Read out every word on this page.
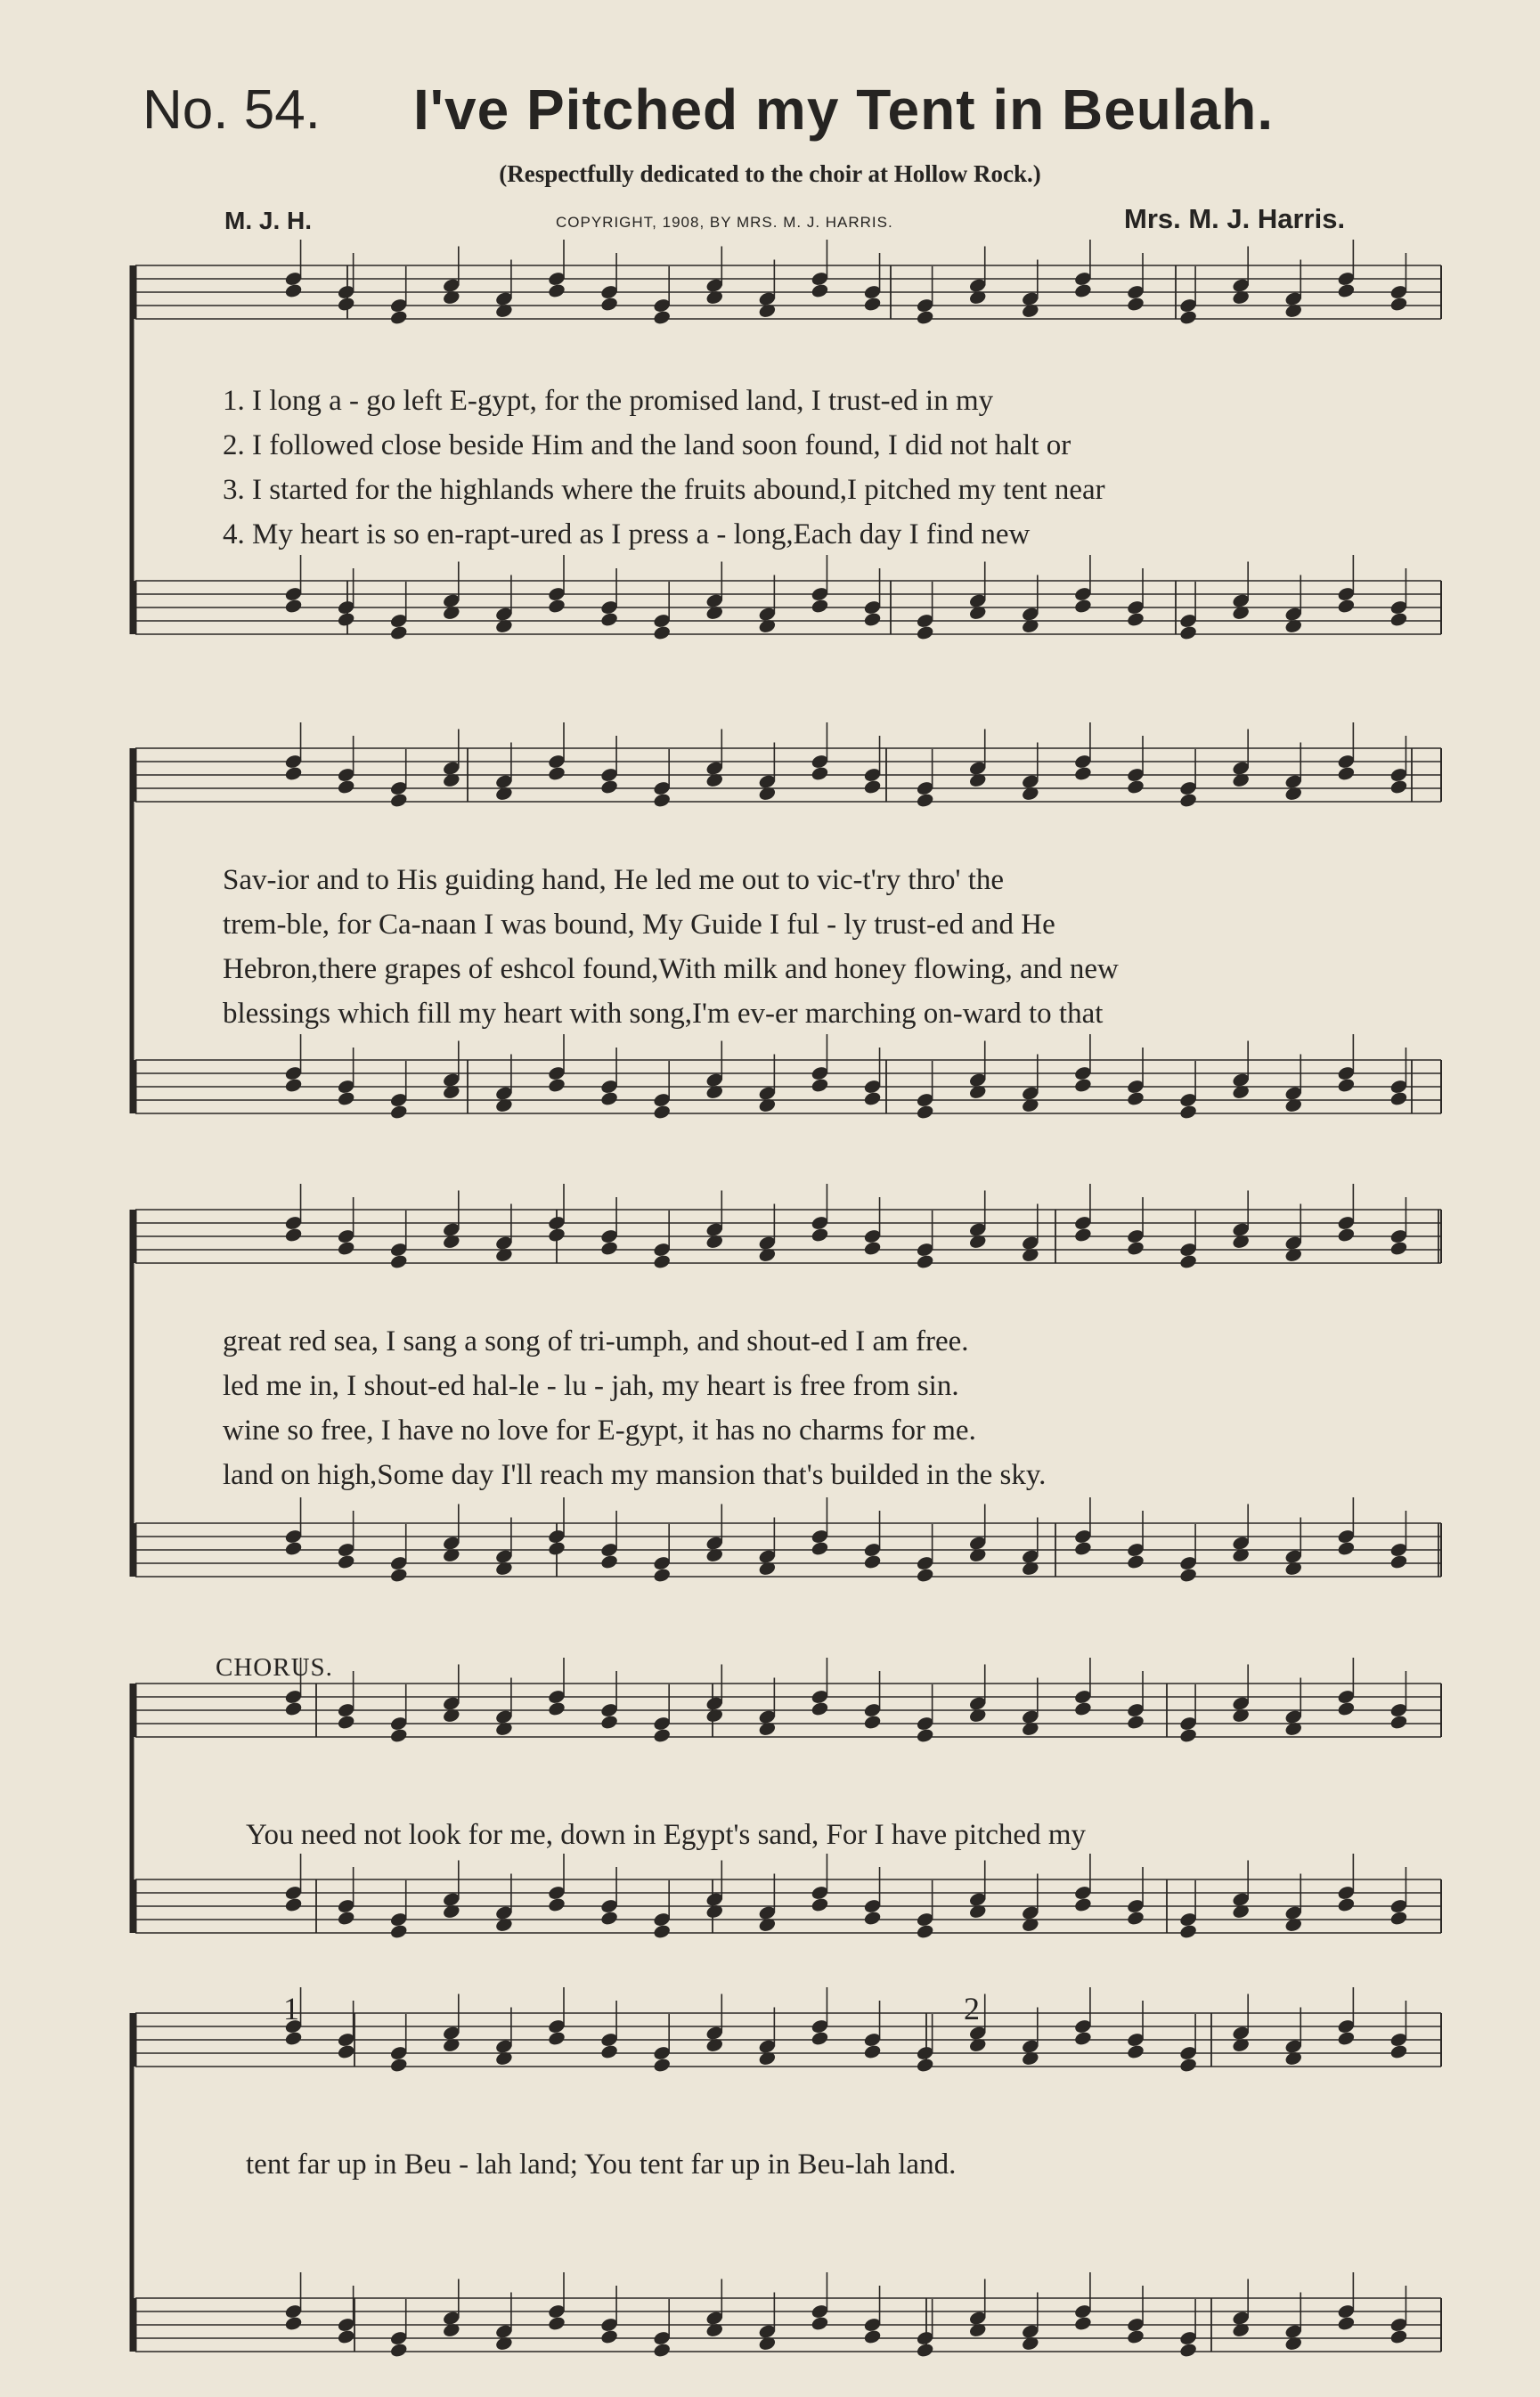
No. 54. I've Pitched my Tent in Beulah.
(Respectfully dedicated to the choir at Hollow Rock.)
M. J. H.	COPYRIGHT, 1908, BY MRS. M. J. HARRIS.	Mrs. M. J. Harris.
1. I long a - go left E-gypt, for the promised land, I trust-ed in my
2. I followed close beside Him and the land soon found, I did not halt or
3. I started for the highlands where the fruits abound,I pitched my tent near
4. My heart is so en-rapt-ured as I press a - long,Each day I find new
Sav-ior and to His guiding hand, He led me out to vic-t'ry thro' the
trem-ble, for Ca-naan I was bound, My Guide I ful - ly trust-ed and He
Hebron,there grapes of eshcol found,With milk and honey flowing, and new
blessings which fill my heart with song,I'm ev-er marching on-ward to that
great red sea, I sang a song of tri-umph, and shout-ed I am free.
led me in, I shout-ed hal-le - lu - jah, my heart is free from sin.
wine so free, I have no love for E-gypt, it has no charms for me.
land on high,Some day I'll reach my mansion that's builded in the sky.
CHORUS.
You need not look for me, down in Egypt's sand, For I have pitched my
tent far up in Beu - lah land; You tent far up in Beu-lah land.
1	2
